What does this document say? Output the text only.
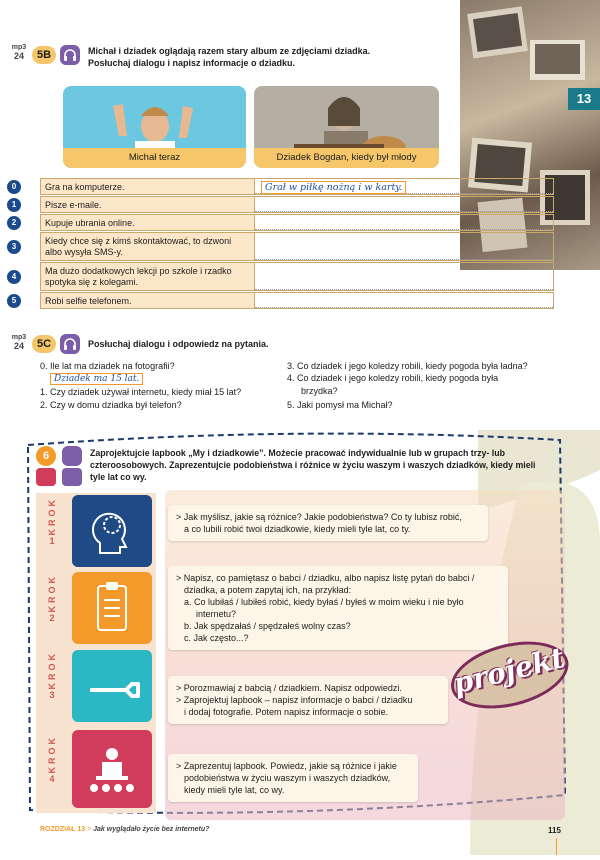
13
mp3
24	5B	Michał i dziadek oglądają razem stary album ze zdjęciami dziadka. Posłuchaj dialogu i napisz informacje o dziadku.
Michał teraz	Dziadek Bogdan, kiedy był młody
0	Gra na komputerze.	Grał w piłkę nożną i w karty.
1	Pisze e-maile.
2	Kupuje ubrania online.
3	Kiedy chce się z kimś skontaktować, to dzwoni albo wysyła SMS-y.
4	Ma dużo dodatkowych lekcji po szkole i rzadko spotyka się z kolegami.
5	Robi selfie telefonem.
mp3
24	5C	Posłuchaj dialogu i odpowiedz na pytania.
0. Ile lat ma dziadek na fotografii?
Dziadek ma 15 lat.
1. Czy dziadek używał internetu, kiedy miał 15 lat?
2. Czy w domu dziadka był telefon?
3. Co dziadek i jego koledzy robili, kiedy pogoda była ładna?
4. Co dziadek i jego koledzy robili, kiedy pogoda była
brzydka?
5. Jaki pomysł ma Michał?
6	Zaprojektujcie lapbook „My i dziadkowie”. Możecie pracować indywidualnie lub w grupach trzy- lub czteroosobowych. Zaprezentujcie podobieństwa i różnice w życiu waszym i waszych dziadków, kiedy mieli tyle lat co wy.
KROK
1
> Jak myślisz, jakie są różnice? Jakie podobieństwa? Co ty lubisz robić,
a co lubili robić twoi dziadkowie, kiedy mieli tyle lat, co ty.
KROK
2
> Napisz, co pamiętasz o babci / dziadku, albo napisz listę pytań do babci /
dziadka, a potem zapytaj ich, na przykład:
a. Co lubiłaś / lubiłeś robić, kiedy byłaś / byłeś w moim wieku i nie było
internetu?
b. Jak spędzałaś / spędzałeś wolny czas?
c. Jak często...?
KROK
3
> Porozmawiaj z babcią / dziadkiem. Napisz odpowiedzi.
> Zaprojektuj lapbook – napisz informacje o babci / dziadku
i dodaj fotografie. Potem napisz informacje o sobie.
KROK
4
> Zaprezentuj lapbook. Powiedz, jakie są różnice i jakie
podobieństwa w życiu waszym i waszych dziadków,
kiedy mieli tyle lat, co wy.
projekt
ROZDZIAŁ 13 > Jak wyglądało życie bez internetu?	115
